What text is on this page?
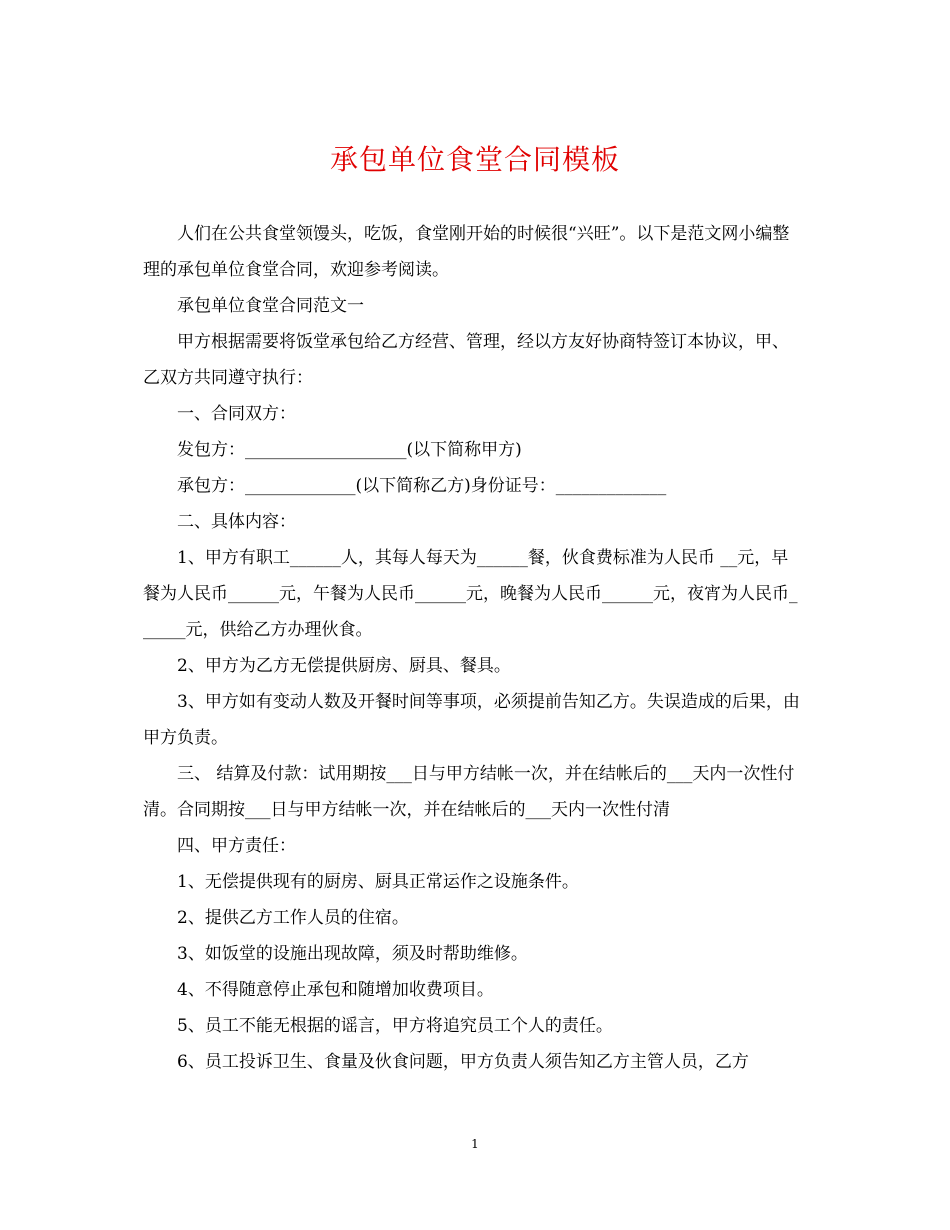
承包单位食堂合同模板

人们在公共食堂领馒头，吃饭，食堂刚开始的时候很“兴旺”。以下是范文网小编整理的承包单位食堂合同，欢迎参考阅读。

承包单位食堂合同范文一

甲方根据需要将饭堂承包给乙方经营、管理，经以方友好协商特签订本协议，甲、乙双方共同遵守执行：

一、合同双方：

发包方：___________________(以下简称甲方)

承包方：_____________(以下简称乙方)身份证号：_____________

二、具体内容：

1、甲方有职工______人，其每人每天为______餐，伙食费标准为人民币 __元，早餐为人民币______元，午餐为人民币______元，晚餐为人民币______元，夜宵为人民币______元，供给乙方办理伙食。

2、甲方为乙方无偿提供厨房、厨具、餐具。

3、甲方如有变动人数及开餐时间等事项，必须提前告知乙方。失误造成的后果，由甲方负责。

三、 结算及付款：试用期按___日与甲方结帐一次，并在结帐后的___天内一次性付清。合同期按___日与甲方结帐一次，并在结帐后的___天内一次性付清

四、甲方责任：

1、无偿提供现有的厨房、厨具正常运作之设施条件。

2、提供乙方工作人员的住宿。

3、如饭堂的设施出现故障，须及时帮助维修。

4、不得随意停止承包和随增加收费项目。

5、员工不能无根据的谣言，甲方将追究员工个人的责任。

6、员工投诉卫生、食量及伙食问题，甲方负责人须告知乙方主管人员，乙方

1
